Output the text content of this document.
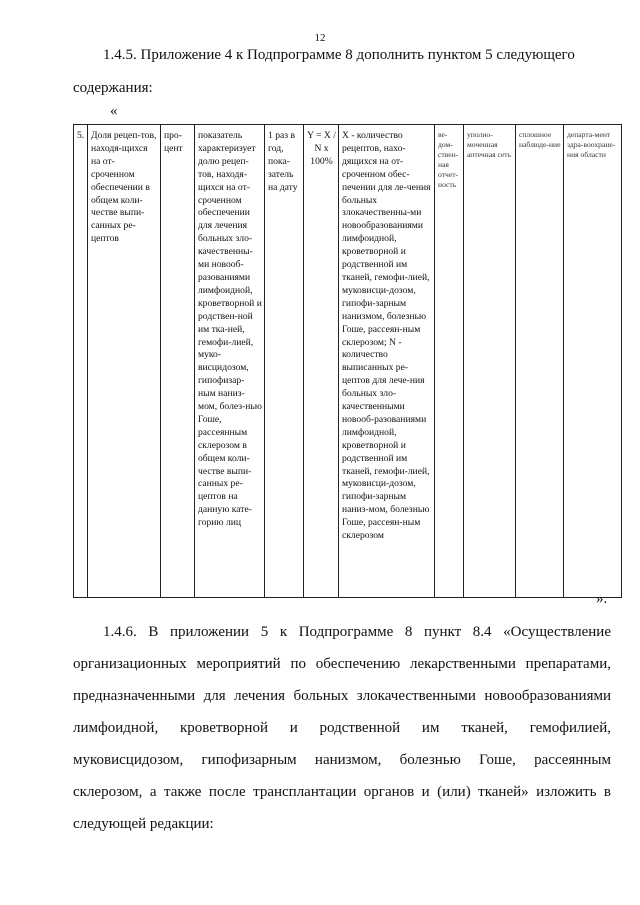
12
1.4.5. Приложение 4 к Подпрограмме 8 дополнить пунктом 5 следующего
содержания:
«
5.	Доля рецеп-тов, находя-щихся на от-сроченном обеспечении в общем коли-честве выпи-санных ре-цептов	про-цент	показатель характеризует долю рецеп-тов, находя-щихся на от-сроченном обеспечении для лечения больных зло-качественны-ми новооб-разованиями лимфоидной, кроветворной и родствен-ной им тка-ней, гемофи-лией, муко-висцидозом, гипофизар-ным наниз-мом, болез-нью Гоше, рассеянным склерозом в общем коли-честве выпи-санных ре-цептов на данную кате-горию лиц	1 раз в год, пока-затель на дату	Y = X / N x 100%	X - количество рецептов, нахо-дящихся на от-сроченном обес-печении для ле-чения больных злокачественны-ми новообразованиями лимфоидной, кроветворной и родственной им тканей, гемофи-лией, муковисци-дозом, гипофи-зарным нанизмом, болезнью Гоше, рассеян-ным склерозом; N - количество выписанных ре-цептов для лече-ния больных зло-качественными новооб-разованиями лимфоидной, кроветворной и родственной им тканей, гемофи-лией, муковисци-дозом, гипофи-зарным наниз-мом, болезнью Гоше, рассеян-ным склерозом	ве-дом-ствен-ная отчет-ность	уполно-моченная аптечная сеть	сплошное наблюде-ние	департа-мент здра-воохране-ния области
».
1.4.6. В приложении 5 к Подпрограмме 8 пункт 8.4 «Осуществление
организационных мероприятий по обеспечению лекарственными препаратами,
предназначенными для лечения больных злокачественными новообразованиями
лимфоидной, кроветворной и родственной им тканей, гемофилией,
муковисцидозом, гипофизарным нанизмом, болезнью Гоше, рассеянным
склерозом, а также после трансплантации органов и (или) тканей» изложить в
следующей редакции:
